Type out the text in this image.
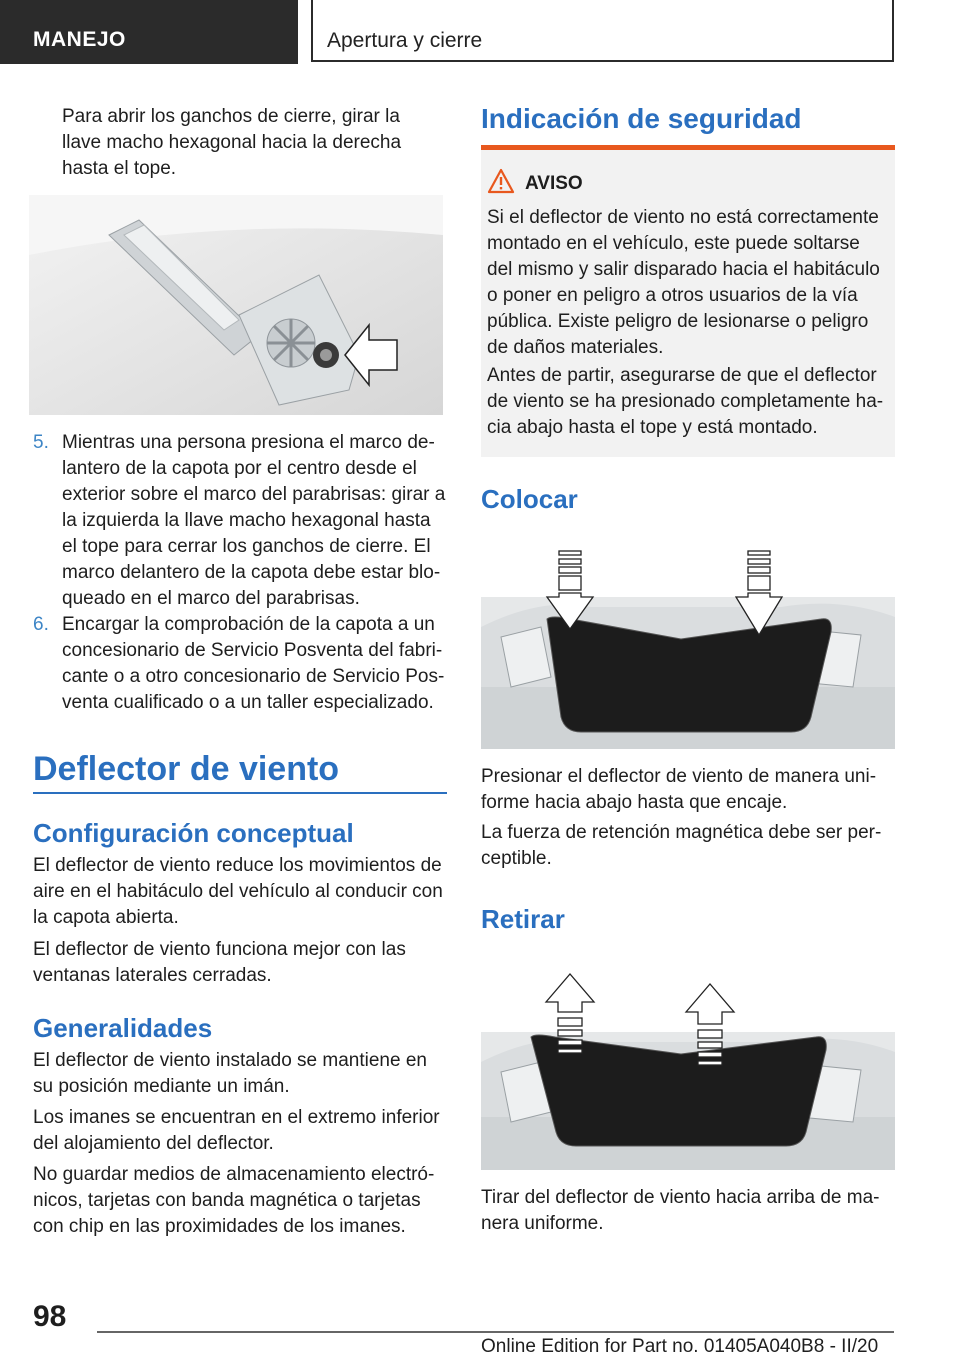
MANEJO	Apertura y cierre
Para abrir los ganchos de cierre, girar la llave macho hexagonal hacia la derecha hasta el tope.
5. Mientras una persona presiona el marco delantero de la capota por el centro desde el exterior sobre el marco del parabrisas: girar a la izquierda la llave macho hexagonal hasta el tope para cerrar los ganchos de cierre. El marco delantero de la capota debe estar bloqueado en el marco del parabrisas.
6. Encargar la comprobación de la capota a un concesionario de Servicio Posventa del fabricante o a otro concesionario de Servicio Posventa cualificado o a un taller especializado.
Deflector de viento
Configuración conceptual
El deflector de viento reduce los movimientos de aire en el habitáculo del vehículo al conducir con la capota abierta.
El deflector de viento funciona mejor con las ventanas laterales cerradas.
Generalidades
El deflector de viento instalado se mantiene en su posición mediante un imán.
Los imanes se encuentran en el extremo inferior del alojamiento del deflector.
No guardar medios de almacenamiento electrónicos, tarjetas con banda magnética o tarjetas con chip en las proximidades de los imanes.
Indicación de seguridad
AVISO
Si el deflector de viento no está correctamente montado en el vehículo, este puede soltarse del mismo y salir disparado hacia el habitáculo o poner en peligro a otros usuarios de la vía pública. Existe peligro de lesionarse o peligro de daños materiales.
Antes de partir, asegurarse de que el deflector de viento se ha presionado completamente hacia abajo hasta el tope y está montado.
Colocar
Presionar el deflector de viento de manera uniforme hacia abajo hasta que encaje.
La fuerza de retención magnética debe ser perceptible.
Retirar
Tirar del deflector de viento hacia arriba de manera uniforme.
98
Online Edition for Part no. 01405A040B8 - II/20
